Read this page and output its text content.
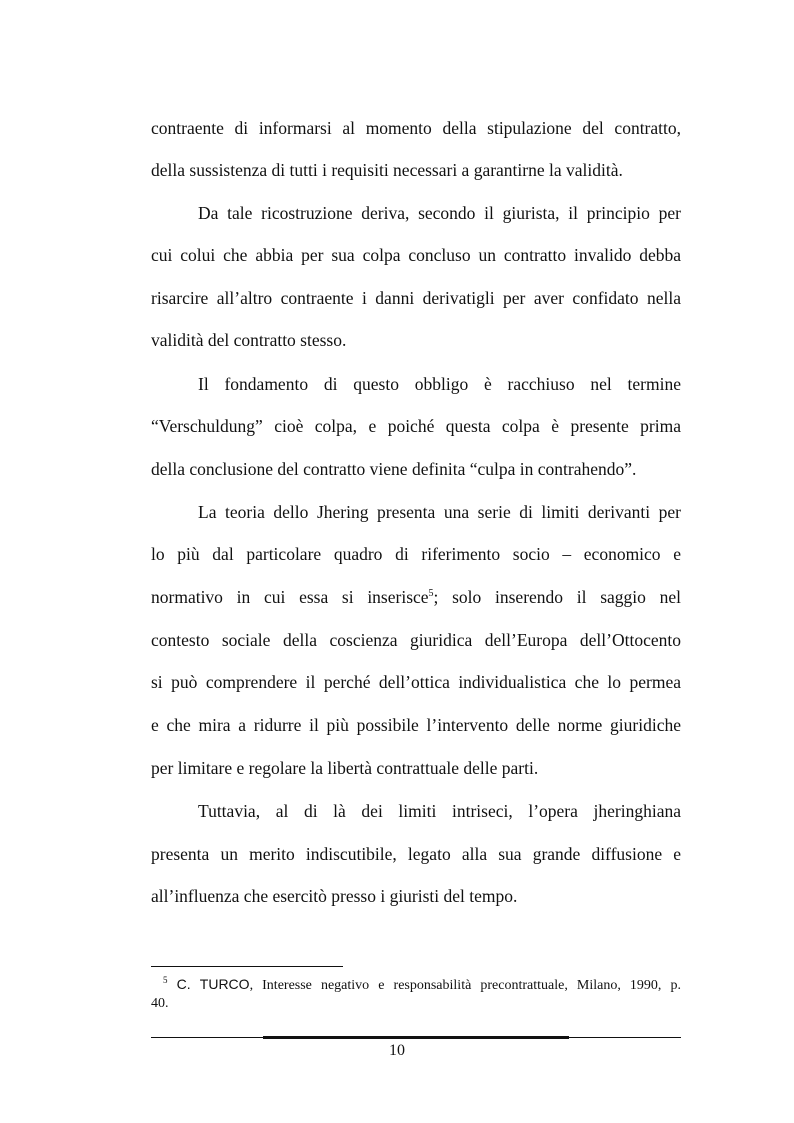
contraente di informarsi al momento della stipulazione del contratto,
della sussistenza di tutti i requisiti necessari a garantirne la validità.
Da tale ricostruzione deriva, secondo il giurista, il principio per
cui colui che abbia per sua colpa concluso un contratto invalido debba
risarcire all’altro contraente i danni derivatigli per aver confidato nella
validità del contratto stesso.
Il fondamento di questo obbligo è racchiuso nel termine
“Verschuldung” cioè colpa, e poiché questa colpa è presente prima
della conclusione del contratto viene definita “culpa in contrahendo”.
La teoria dello Jhering presenta una serie di limiti derivanti per
lo più dal particolare quadro di riferimento socio – economico e
normativo in cui essa si inserisce$^5$; solo inserendo il saggio nel
contesto sociale della coscienza giuridica dell’Europa dell’Ottocento
si può comprendere il perché dell’ottica individualistica che lo permea
e che mira a ridurre il più possibile l’intervento delle norme giuridiche
per limitare e regolare la libertà contrattuale delle parti.
Tuttavia, al di là dei limiti intriseci, l’opera jheringhiana
presenta un merito indiscutibile, legato alla sua grande diffusione e
all’influenza che esercitò presso i giuristi del tempo.
$^5$ C. TURCO, Interesse negativo e responsabilità precontrattuale, Milano, 1990, p.
40.
10
